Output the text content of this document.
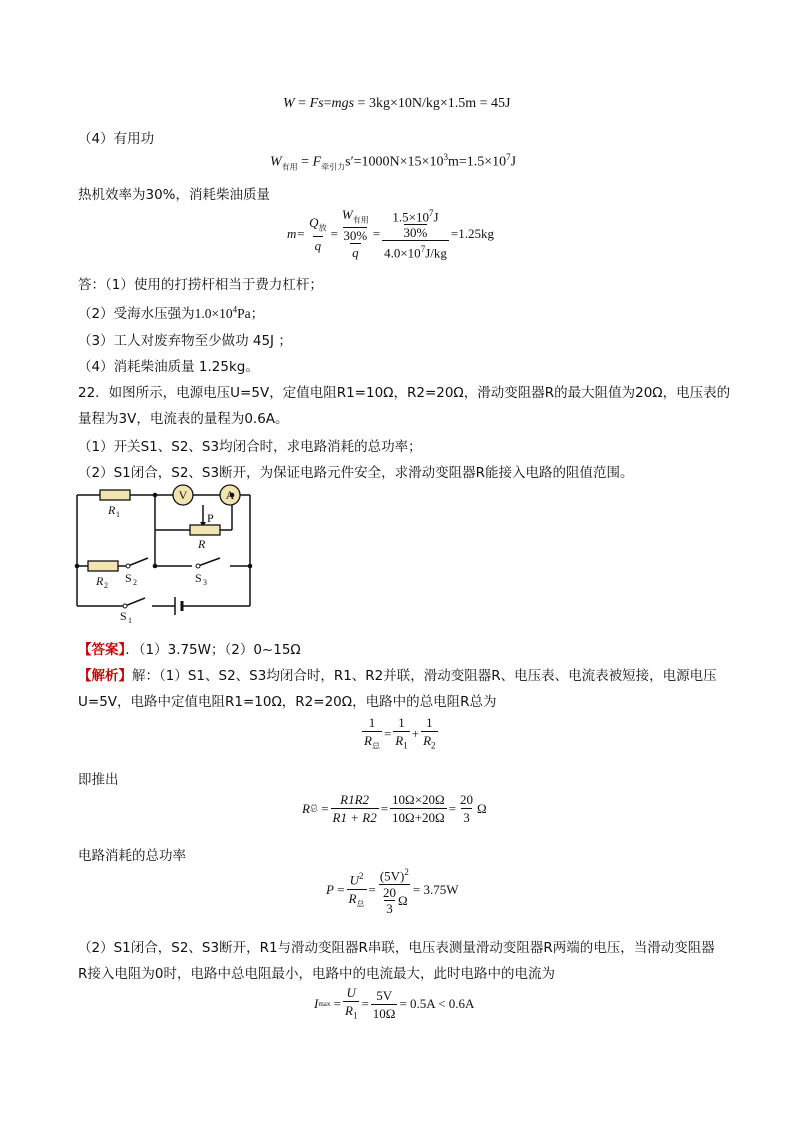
W = Fs=mgs = 3kg×10N/kg×1.5m = 45J
（4）有用功
$W_{有用} = F_{牵引力}s'=1000N\times 15\times 10^3m=1.5\times 10^7J$
热机效率为30%，消耗柴油质量
$m= \frac{Q_放}{q} = W_{有用}$
30%
$q = 1.5\times 10^7J$
30%
$4.0\times 10^7J/kg =1.25kg$
答：（1）使用的打捞杆相当于费力杠杆；
（2）受海水压强为$1.0\times 10^4Pa$；
（3）工人对废弃物至少做功 45J ；
（4）消耗柴油质量 1.25kg。
22．如图所示，电源电压U=5V，定值电阻R1=10Ω，R2=20Ω，滑动变阻器R的最大阻值为20Ω，电压表的
量程为3V，电流表的量程为0.6A。
（1）开关S1、S2、S3均闭合时，求电路消耗的总功率；
（2）S1闭合，S2、S3断开，为保证电路元件安全，求滑动变阻器R能接入电路的阻值范围。
V	A
R 1	P
R
R 2
S 2	S 3
S 1
【答案】．（1）3.75W；（2）0~15Ω
【解析】解：（1）S1、S2、S3均闭合时，R1、R2并联，滑动变阻器R、电压表、电流表被短接，电源电压
U=5V，电路中定值电阻R1=10Ω，R2=20Ω，电路中的总电阻R总为
$\frac{1}{R_总} = \frac{1}{R_1} + \frac{1}{R_2}$
即推出
R 总 = $\frac{R1R2}{R1 + R2} = \frac{10\Omega\times 20\Omega}{10\Omega+20\Omega} = \frac{20}{3}$ Ω
电路消耗的总功率
$P = \frac{U^2}{R_总} = \frac{(5V)^2}{\frac{20}{3} \Omega} = 3.75W$
（2）S1闭合，S2、S3断开，R1与滑动变阻器R串联，电压表测量滑动变阻器R两端的电压，当滑动变阻器
R接入电阻为0时，电路中总电阻最小，电路中的电流最大，此时电路中的电流为
I $\max = \frac{U}{R_1} = \frac{5V}{10\Omega} = 0.5A < 0.6A$
